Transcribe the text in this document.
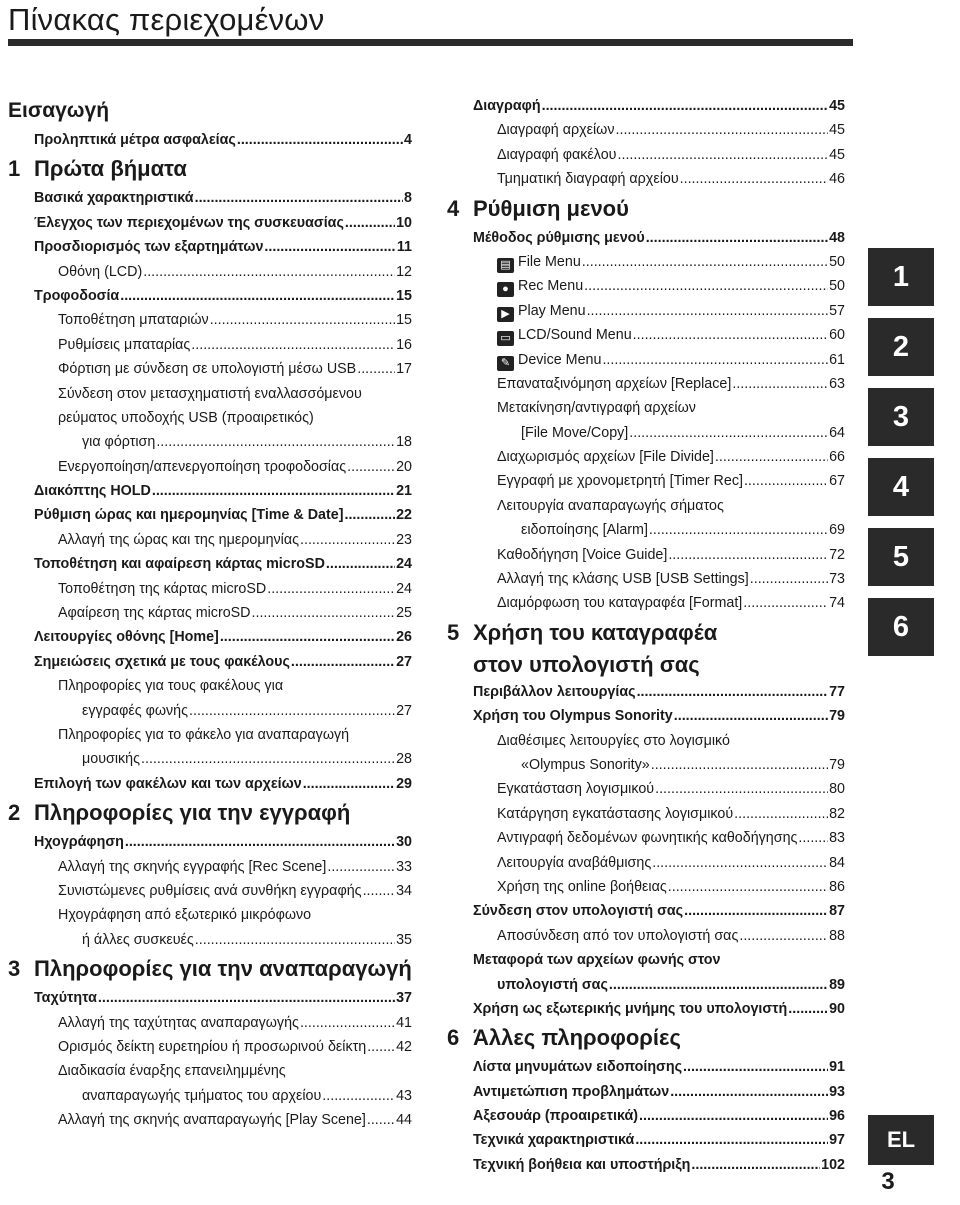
Πίνακας περιεχομένων
Εισαγωγή
Προληπτικά μέτρα ασφαλείας .....	4
1 Πρώτα βήματα
Βασικά χαρακτηριστικά .....	8
Έλεγχος των περιεχομένων της συσκευασίας .....	10
Προσδιορισμός των εξαρτημάτων .....	11
Οθόνη (LCD) .....	12
Τροφοδοσία .....	15
Τοποθέτηση μπαταριών .....	15
Ρυθμίσεις μπαταρίας .....	16
Φόρτιση με σύνδεση σε υπολογιστή μέσω USB .....	17
Σύνδεση στον μετασχηματιστή εναλλασσόμενου
ρεύματος υποδοχής USB (προαιρετικός)
για φόρτιση .....	18
Ενεργοποίηση/απενεργοποίηση τροφοδοσίας .....	20
Διακόπτης HOLD .....	21
Ρύθμιση ώρας και ημερομηνίας [Time & Date] .....	22
Αλλαγή της ώρας και της ημερομηνίας .....	23
Τοποθέτηση και αφαίρεση κάρτας microSD .....	24
Τοποθέτηση της κάρτας microSD .....	24
Αφαίρεση της κάρτας microSD .....	25
Λειτουργίες οθόνης [Home] .....	26
Σημειώσεις σχετικά με τους φακέλους .....	27
Πληροφορίες για τους φακέλους για
εγγραφές φωνής .....	27
Πληροφορίες για το φάκελο για αναπαραγωγή
μουσικής .....	28
Επιλογή των φακέλων και των αρχείων .....	29
2 Πληροφορίες για την εγγραφή
Ηχογράφηση .....	30
Αλλαγή της σκηνής εγγραφής [Rec Scene] .....	33
Συνιστώμενες ρυθμίσεις ανά συνθήκη εγγραφής ..... 34
Ηχογράφηση από εξωτερικό μικρόφωνο
ή άλλες συσκευές .....	35
3 Πληροφορίες για την αναπαραγωγή
Ταχύτητα .....	37
Αλλαγή της ταχύτητας αναπαραγωγής .....	41
Ορισμός δείκτη ευρετηρίου ή προσωρινού δείκτη ..... 42
Διαδικασία έναρξης επανειλημμένης
αναπαραγωγής τμήματος του αρχείου .....	43
Αλλαγή της σκηνής αναπαραγωγής [Play Scene] ..... 44
Διαγραφή .....	45
Διαγραφή αρχείων .....	45
Διαγραφή φακέλου .....	45
Τμηματική διαγραφή αρχείου .....	46
4 Ρύθμιση μενού
Μέθοδος ρύθμισης μενού .....	48
▤ File Menu .....	50
● Rec Menu .....	50
▶ Play Menu .....	57
▭ LCD/Sound Menu .....	60
✎ Device Menu .....	61
Επαναταξινόμηση αρχείων [Replace] .....	63
Μετακίνηση/αντιγραφή αρχείων
[File Move/Copy] .....	64
Διαχωρισμός αρχείων [File Divide] .....	66
Εγγραφή με χρονομετρητή [Timer Rec] .....	67
Λειτουργία αναπαραγωγής σήματος
ειδοποίησης [Alarm] .....	69
Καθοδήγηση [Voice Guide] .....	72
Αλλαγή της κλάσης USB [USB Settings] .....	73
Διαμόρφωση του καταγραφέα [Format] .....	74
5 Χρήση του καταγραφέα
στον υπολογιστή σας
Περιβάλλον λειτουργίας .....	77
Χρήση του Olympus Sonority .....	79
Διαθέσιμες λειτουργίες στο λογισμικό
«Olympus Sonority» .....	79
Εγκατάσταση λογισμικού .....	80
Κατάργηση εγκατάστασης λογισμικού .....	82
Αντιγραφή δεδομένων φωνητικής καθοδήγησης ..... 83
Λειτουργία αναβάθμισης .....	84
Χρήση της online βοήθειας .....	86
Σύνδεση στον υπολογιστή σας .....	87
Αποσύνδεση από τον υπολογιστή σας .....	88
Μεταφορά των αρχείων φωνής στον
υπολογιστή σας .....	89
Χρήση ως εξωτερικής μνήμης του υπολογιστή .....	90
6 Άλλες πληροφορίες
Λίστα μηνυμάτων ειδοποίησης .....	91
Αντιμετώπιση προβλημάτων .....	93
Αξεσουάρ (προαιρετικά) .....	96
Τεχνικά χαρακτηριστικά .....	97
Τεχνική βοήθεια και υποστήριξη .....	102
1
2
3
4
5
6
EL
3
